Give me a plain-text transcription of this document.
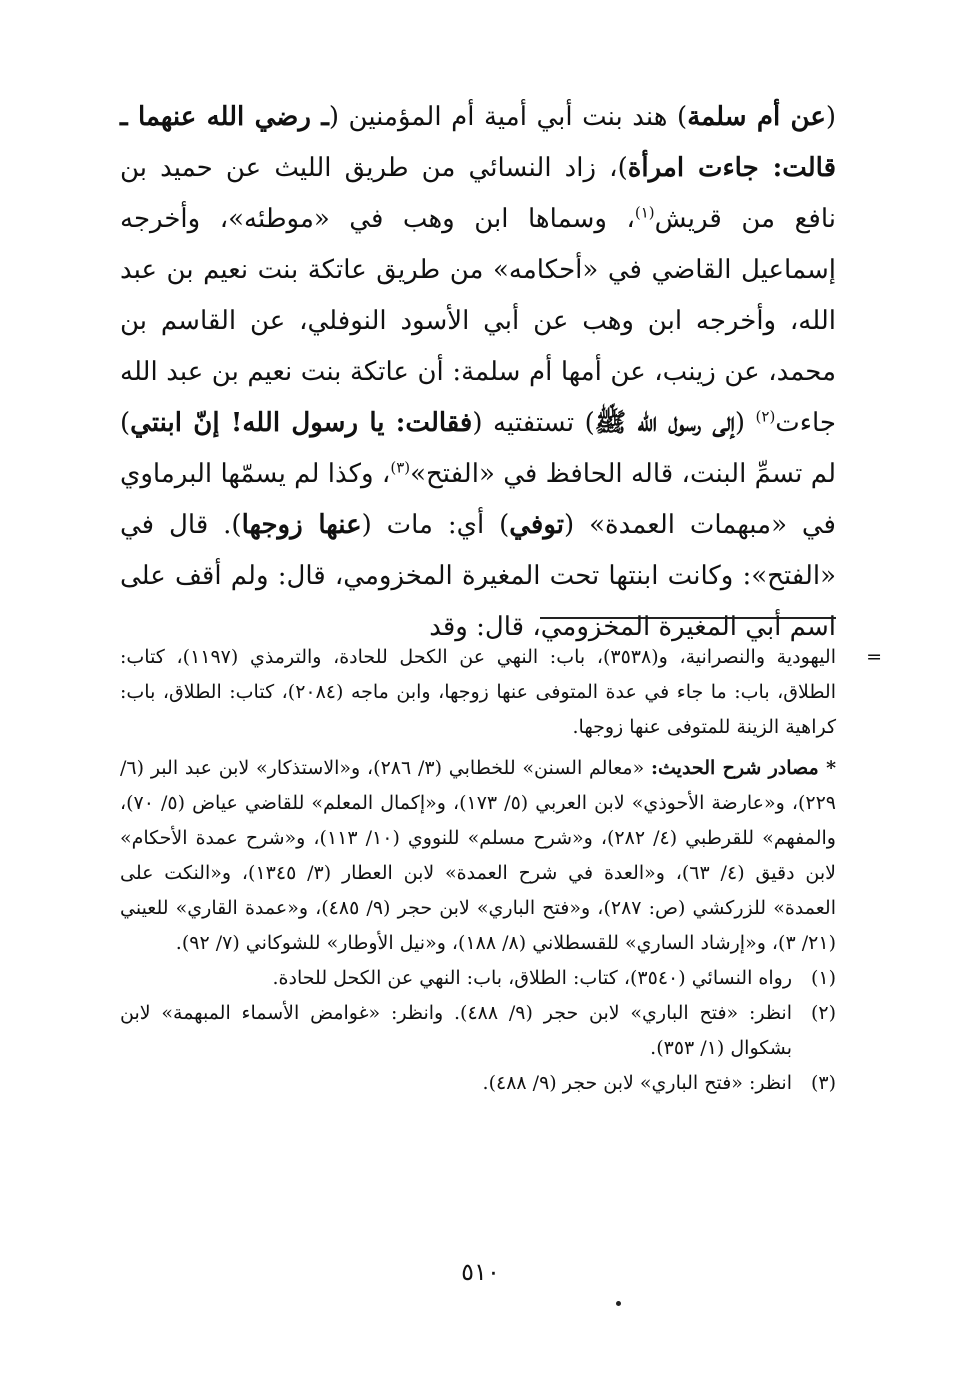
(عن أم سلمة) هند بنت أبي أمية أم المؤمنين (ـ رضي الله عنهما ـ قالت: جاءت امرأة)، زاد النسائي من طريق الليث عن حميد بن نافع من قريش$^{(١)}$، وسماها ابن وهب في «موطئه»، وأخرجه إسماعيل القاضي في «أحكامه» من طريق عاتكة بنت نعيم بن عبد الله، وأخرجه ابن وهب عن أبي الأسود النوفلي، عن القاسم بن محمد، عن زينب، عن أمها أم سلمة: أن عاتكة بنت نعيم بن عبد الله جاءت$^{(٢)}$ (إلى رسول الله ﷺ) تستفتيه (فقالت: يا رسول الله! إنّ ابنتي) لم تسمِّ البنت، قاله الحافظ في «الفتح»$^{(٣)}$، وكذا لم يسمّها البرماوي في «مبهمات العمدة» (توفي) أي: مات (عنها زوجها). قال في «الفتح»: وكانت ابنتها تحت المغيرة المخزومي، قال: ولم أقف على اسم أبي المغيرة المخزومي، قال: وقد

=
اليهودية والنصرانية، و(٣٥٣٨)، باب: النهي عن الكحل للحادة، والترمذي (١١٩٧)، كتاب: الطلاق، باب: ما جاء في عدة المتوفى عنها زوجها، وابن ماجه (٢٠٨٤)، كتاب: الطلاق، باب: كراهية الزينة للمتوفى عنها زوجها.

* مصادر شرح الحديث: «معالم السنن» للخطابي (٣/ ٢٨٦)، و«الاستذكار» لابن عبد البر (٦/ ٢٢٩)، و«عارضة الأحوذي» لابن العربي (٥/ ١٧٣)، و«إكمال المعلم» للقاضي عياض (٥/ ٧٠)، والمفهم» للقرطبي (٤/ ٢٨٢)، و«شرح مسلم» للنووي (١٠/ ١١٣)، و«شرح عمدة الأحكام» لابن دقيق (٤/ ٦٣)، و«العدة في شرح العمدة» لابن العطار (٣/ ١٣٤٥)، و«النكت على العمدة» للزركشي (ص: ٢٨٧)، و«فتح الباري» لابن حجر (٩/ ٤٨٥)، و«عمدة القاري» للعيني (٢١/ ٣)، و«إرشاد الساري» للقسطلاني (٨/ ١٨٨)، و«نيل الأوطار» للشوكاني (٧/ ٩٢).

(١)
رواه النسائي (٣٥٤٠)، كتاب: الطلاق، باب: النهي عن الكحل للحادة.

(٢)
انظر: «فتح الباري» لابن حجر (٩/ ٤٨٨). وانظر: «غوامض الأسماء المبهمة» لابن بشكوال (١/ ٣٥٣).

(٣)
انظر: «فتح الباري» لابن حجر (٩/ ٤٨٨).

٥١٠
